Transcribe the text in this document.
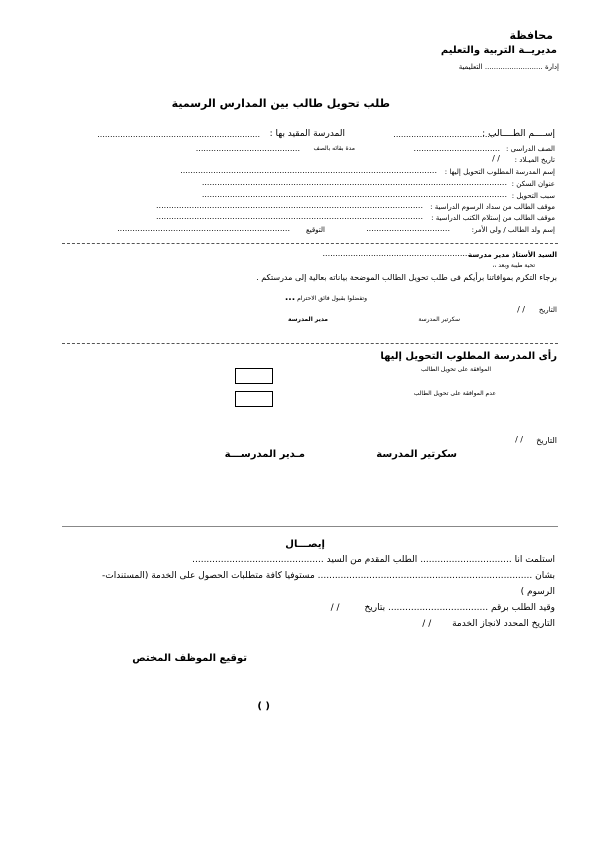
محافظة
مديريــة التربية والتعليم
إدارة .......................... التعليمية
طلب تحويل طالب بين المدارس الرسمية
إســــم الطــــالب :
........................................
المدرسة المقيد بها :
................................................................
الصف الدراسى :
..................................
مدة بقائه بالصف
.........................................
تاريخ الميـلاد :
/ /
إسم المدرسة المطلوب التحويل إليها :
.....................................................................................................
عنوان السكن :
........................................................................................................................
سبب التحويل :
........................................................................................................................
موقف الطالب من سداد الرسوم الدراسية :
.........................................................................................................
موقف الطالب من إستلام الكتب الدراسية :
.........................................................................................................
إسم ولد الطالب / ولى الأمر:
.................................
التوقيع
....................................................................
السيد الأستاذ مدير مدرسة
..........................................................
تحية طيبة وبعد ،،
برجاء التكرم بموافاتنا برأيكم فى طلب تحويل الطالب الموضحة بياناته بعالية إلى مدرستكم .
وتفضلوا بقبول فائق الاحترام ...
التاريخ
/ /
سكرتير المدرسة
مدير المدرسة
رأى المدرسة المطلوب التحويل إليها
الموافقة على تحويل الطالب
عدم الموافقة على تحويل الطالب
التاريخ
/ /
سكرتير المدرسة
مـدير المدرســـة
إيصـــال
استلمت انا ................................ الطلب المقدم من السيد ..............................................
بشان ........................................................................... مستوفيا كافة متطلبات الحصول على الخدمة (المستندات-
الرسوم )
وقيد الطلب برقم ................................... بتاريخ / /
التاريخ المحدد لانجاز الخدمة / /
توقيع الموظف المختص
( )
